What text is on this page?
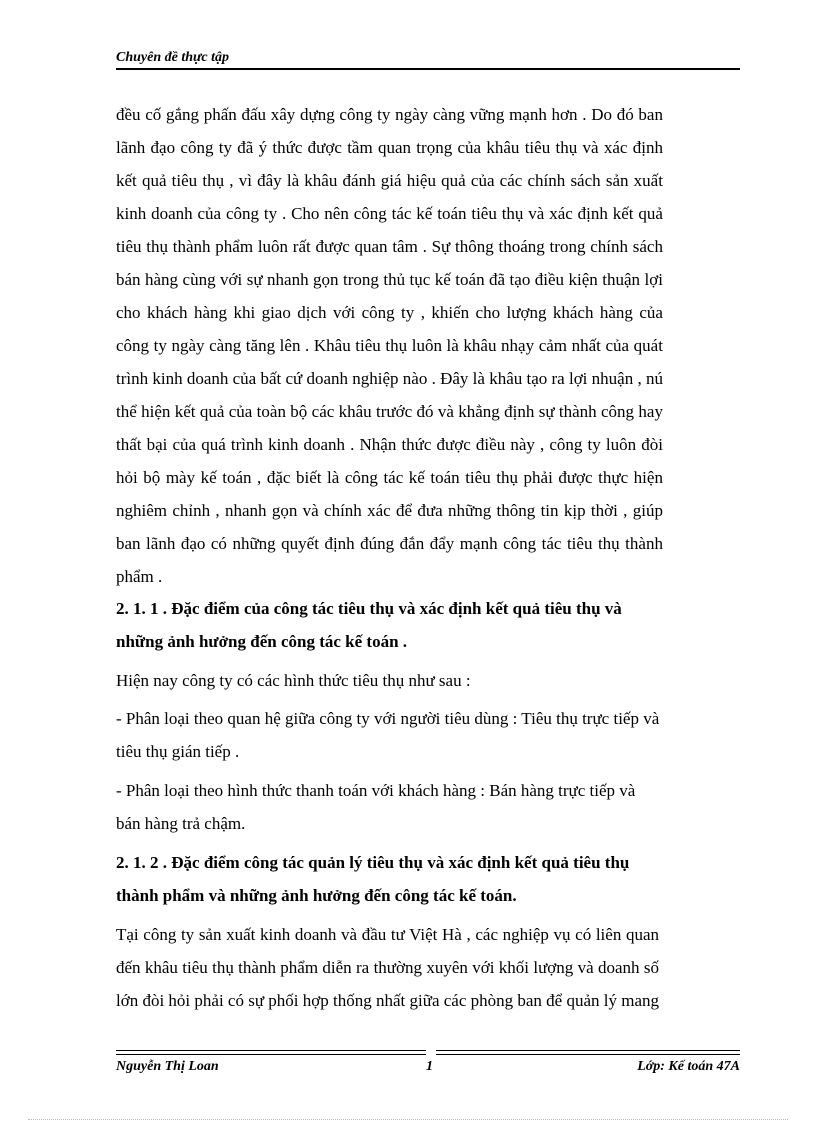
Chuyên đề thực tập
đều cố gắng phấn đấu xây dựng công ty ngày càng vững mạnh hơn . Do đó ban
lãnh đạo công ty đã ý thức được tầm quan trọng của khâu tiêu thụ và xác định
kết quả tiêu thụ , vì đây là khâu đánh giá hiệu quả của các chính sách sản xuất
kinh doanh của công ty . Cho nên công tác kế toán tiêu thụ và xác định kết quả
tiêu thụ thành phẩm luôn rất được quan tâm . Sự thông thoáng trong chính sách
bán hàng cùng với sự nhanh gọn trong thủ tục kế toán đã tạo điều kiện thuận lợi
cho khách hàng khi giao dịch với công ty , khiến cho lượng khách hàng của
công ty ngày càng tăng lên . Khâu tiêu thụ luôn là khâu nhạy cảm nhất của quát
trình kinh doanh của bất cứ doanh nghiệp nào . Đây là khâu tạo ra lợi nhuận , nú
thể hiện kết quả của toàn bộ các khâu trước đó và khẳng định sự thành công hay
thất bại của quá trình kinh doanh . Nhận thức được điều này , công ty luôn đòi
hỏi bộ mày kế toán , đặc biết là công tác kế toán tiêu thụ phải được thực hiện
nghiêm chỉnh , nhanh gọn và chính xác để đưa những thông tin kịp thời , giúp
ban lãnh đạo có những quyết định đúng đắn đẩy mạnh công tác tiêu thụ thành
phẩm .
2. 1. 1 . Đặc điểm của công tác tiêu thụ và xác định kết quả tiêu thụ và
những ảnh hưởng đến công tác kế toán .
Hiện nay công ty có các hình thức tiêu thụ như sau :
- Phân loại theo quan hệ giữa công ty với người tiêu dùng : Tiêu thụ trực tiếp và
tiêu thụ gián tiếp .
- Phân loại theo hình thức thanh toán với khách hàng : Bán hàng trực tiếp và
bán hàng trả chậm.
2. 1. 2 . Đặc điểm công tác quản lý tiêu thụ và xác định kết quả tiêu thụ
thành phẩm và những ảnh hưởng đến công tác kế toán.
Tại công ty sản xuất kinh doanh và đầu tư Việt Hà , các nghiệp vụ có liên quan
đến khâu tiêu thụ thành phẩm diễn ra thường xuyên với khối lượng và doanh số
lớn đòi hỏi phải có sự phối hợp thống nhất giữa các phòng ban để quản lý mang
Nguyễn Thị Loan	1	Lớp: Kế toán 47A
